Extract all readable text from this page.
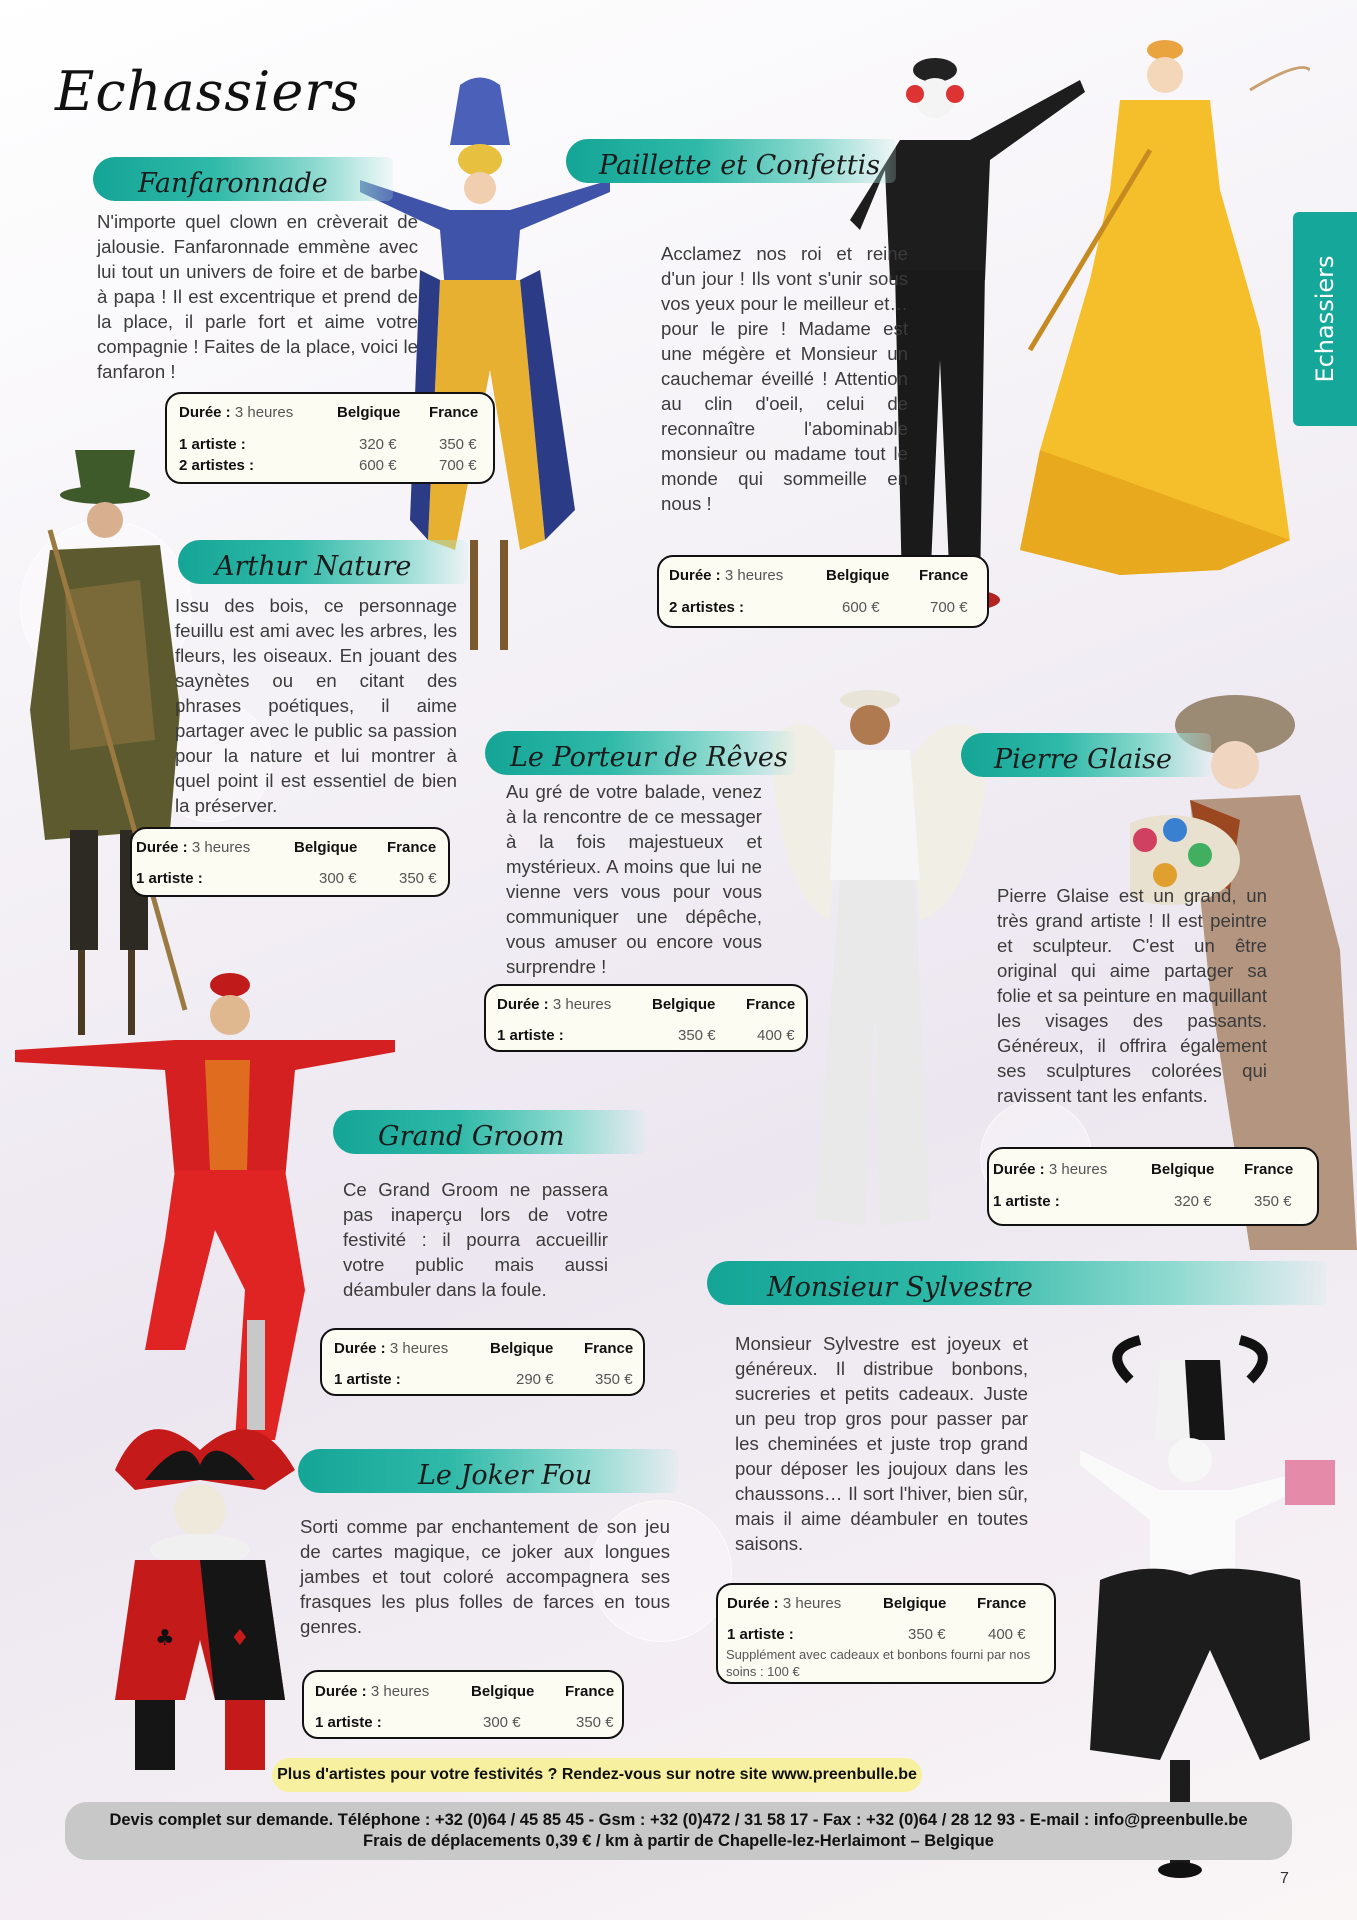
Echassiers
Echassiers
♣	♦
Fanfaronnade

N'importe quel clown en crèverait de jalousie. Fanfaronnade emmène avec lui tout un univers de foire et de barbe à papa ! Il est excentrique et prend de la place, il parle fort et aime votre compagnie ! Faites de la place, voici le fanfaron !

Durée : 3 heures	Belgique France
1 artiste :	320 €	350 €
2 artistes :	600 €	700 €
Paillette et Confettis

Acclamez nos roi et reine d'un jour ! Ils vont s'unir sous vos yeux pour le meilleur et… pour le pire ! Madame est une mégère et Monsieur un cauchemar éveillé ! Attention au clin d'oeil, celui de reconnaître l'abominable monsieur ou madame tout le monde qui sommeille en nous !

Durée : 3 heures	Belgique France
2 artistes :	600 €	700 €
Arthur Nature

Issu des bois, ce personnage feuillu est ami avec les arbres, les fleurs, les oiseaux. En jouant des saynètes ou en citant des phrases poétiques, il aime partager avec le public sa passion pour la nature et lui montrer à quel point il est essentiel de bien la préserver.

Durée : 3 heures	Belgique France
1 artiste :	300 €	350 €
Le Porteur de Rêves

Au gré de votre balade, venez à la rencontre de ce messager à la fois majestueux et mystérieux. A moins que lui ne vienne vers vous pour vous communiquer une dépêche, vous amuser ou encore vous surprendre !

Durée : 3 heures	Belgique France
1 artiste :	350 €	400 €
Pierre Glaise

Pierre Glaise est un grand, un très grand artiste ! Il est peintre et sculpteur. C'est un être original qui aime partager sa folie et sa peinture en maquillant les visages des passants. Généreux, il offrira également ses sculptures colorées qui ravissent tant les enfants.

Durée : 3 heures	Belgique France
1 artiste :	320 €	350 €
Grand Groom

Ce Grand Groom ne passera pas inaperçu lors de votre festivité : il pourra accueillir votre public mais aussi déambuler dans la foule.

Durée : 3 heures	Belgique France
1 artiste :	290 €	350 €
Monsieur Sylvestre

Monsieur Sylvestre est joyeux et généreux. Il distribue bonbons, sucreries et petits cadeaux. Juste un peu trop gros pour passer par les cheminées et juste trop grand pour déposer les joujoux dans les chaussons… Il sort l'hiver, bien sûr, mais il aime déambuler en toutes saisons.

Durée : 3 heures	Belgique France
1 artiste :	350 €	400 €
Supplément avec cadeaux et bonbons fourni par nos soins : 100 €
Le Joker Fou

Sorti comme par enchantement de son jeu de cartes magique, ce joker aux longues jambes et tout coloré accompagnera ses frasques les plus folles de farces en tous genres.

Durée : 3 heures	Belgique France
1 artiste :	300 €	350 €
Plus d'artistes pour votre festivités ? Rendez-vous sur notre site www.preenbulle.be
Devis complet sur demande. Téléphone : +32 (0)64 / 45 85 45 - Gsm : +32 (0)472 / 31 58 17 - Fax : +32 (0)64 / 28 12 93 - E-mail : info@preenbulle.be
Frais de déplacements 0,39 € / km à partir de Chapelle-lez-Herlaimont – Belgique
7
